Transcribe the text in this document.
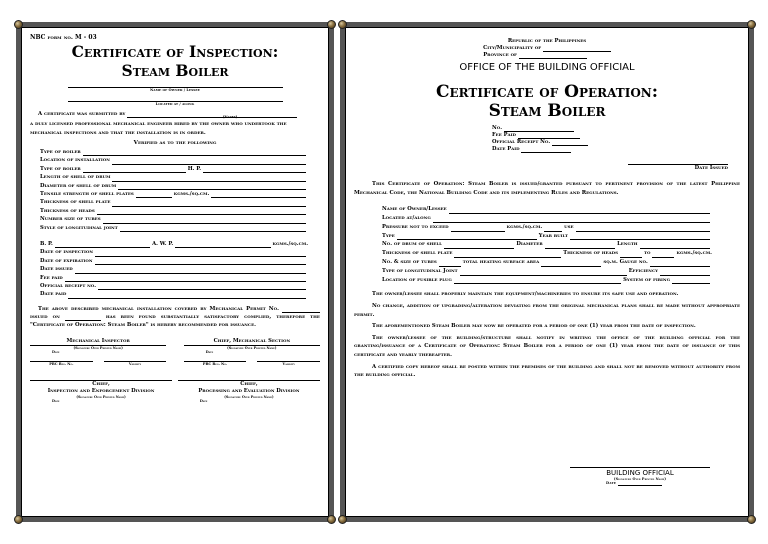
NBC form no. M - 03
Certificate of Inspection:
Steam Boiler
Name of Owner / Lessee
Located at / along
A certificate was submitted by
(Name)
a duly licensed professional mechanical engineer hired by the owner who undertook the mechanical inspections and that the installation is in order.
Verified as to the following
Type of boiler
Location of installation
Type of boiler	H. P.
Length of shell of drum
Diameter of shell of drum
Tensile strength of shell plates	kgms./sq.cm.
Thickness of shell plate
Thickness of heads
Number size of tubes
Style of longitudinal joint
B. P.	A. W. P.	kgms./sq.cm.
Date of inspection
Date of expiration
Date issued
Fee paid
Official receipt no.
Date paid
The above described mechanical installation covered by Mechanical Permit No.  issued on	has been found substantially satisfactory complied, therefore the "Certificate of Operation: Steam Boiler" is hereby recommended for issuance.
Mechanical Inspector
(Signature Over Printed Name)
Date
PRC Reg. No.	Validity
Chief, Mechanical Section
(Signature Over Printed Name)
Date
PRC Reg. No.	Validity
Chief,
Inspection and Enforcement Division
(Signature Over Printed Name)
Date
Chief,
Processing and Evaluation Division
(Signature Over Printed Name)
Date
Republic of the Philippines
City/Municipality of
Province of
OFFICE OF THE BUILDING OFFICIAL
Certificate of Operation:
Steam Boiler
No.
Fee Paid
Official Receipt No.
Date Paid
Date Issued
This Certificate of Operation: Steam Boiler is issued/granted pursuant to pertinent provision of the latest Philippine Mechanical Code, the National Building Code and its implementing Rules and Regulations.
Name of Owner/Lessee
Located at/along
Pressure not to exceed	kgms./sq.cm.	use
Type	Year built
No. of drum of shell	Diameter	Length
Thickness of shell plate	Thickness of heads	to	kgms./sq.cm.
No. & size of tubes	total heating surface area	sq.m. Gauge no.
Type of longitudinal Joint	Efficiency
Location of fusible plug	System of firing
The owner/lessee shall properly maintain the equipment/machineries to ensure its safe use and operation.
No change, addition of upgrading/alteration deviating from the original mechanical plans shall be made without appropriate permit.
The aforementioned Steam Boiler may now be operated for a period of one (1) year from the date of inspection.
The owner/lessee of the building/structure shall notify in writing the office of the building official for the granting/issuance of a Certificate of Operation: Steam Boiler for a period of one (1) year from the date of issuance of this certificate and yearly thereafter.
A certified copy hereof shall be posted within the premises of the building and shall not be removed without authority from the building official.
BUILDING OFFICIAL
(Signature Over Printed Name)
Date
